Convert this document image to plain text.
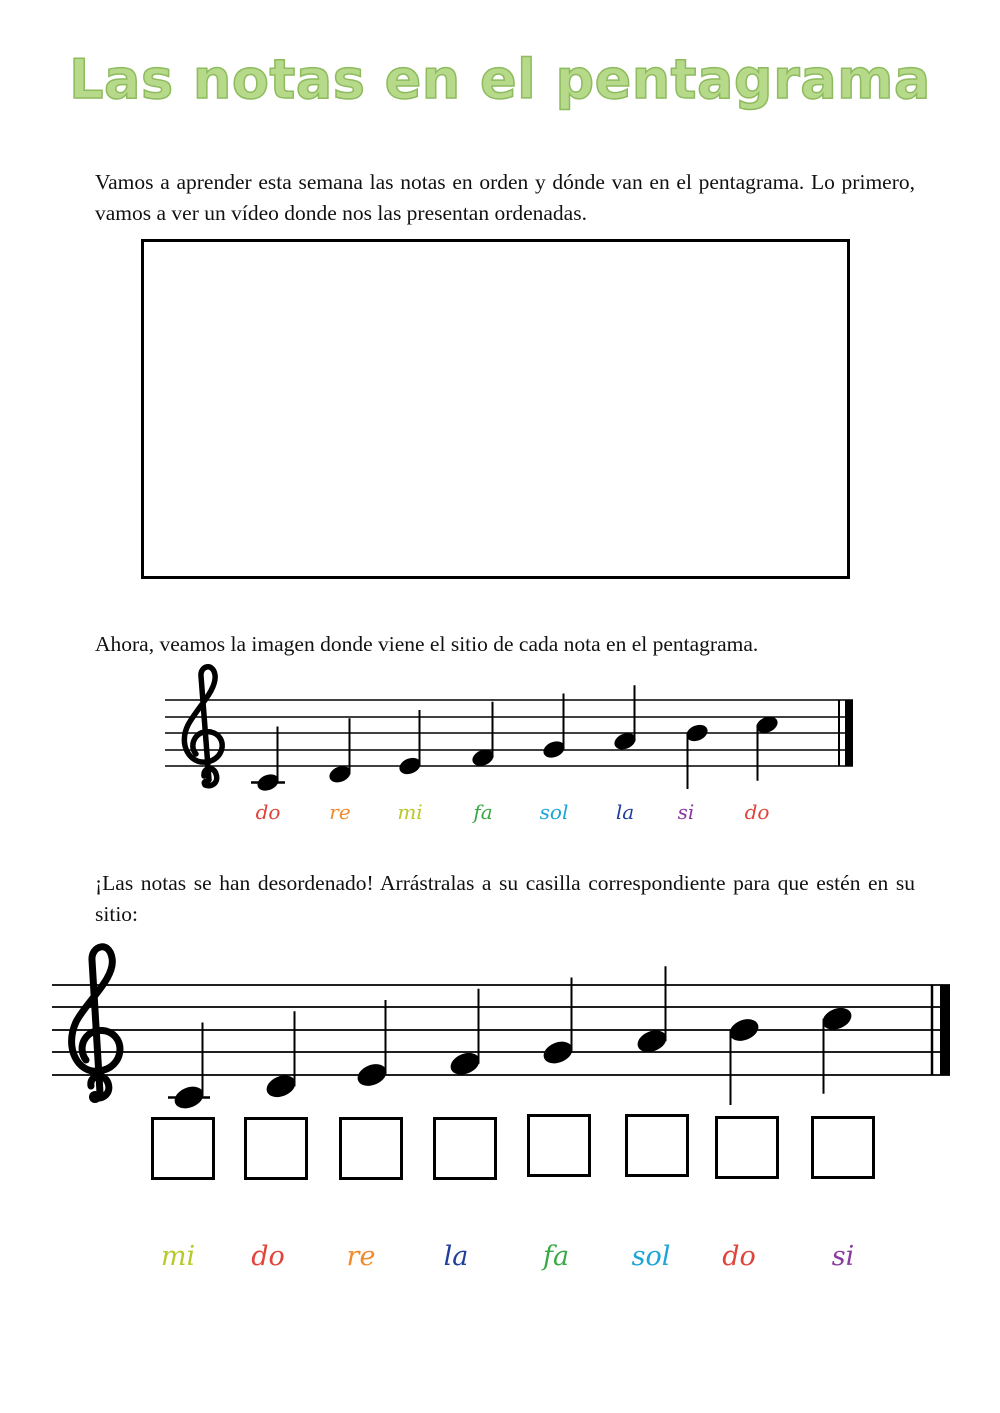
Las notas en el pentagrama
Vamos a aprender esta semana las notas en orden y dónde van en el pentagrama. Lo primero, vamos a ver un vídeo donde nos las presentan ordenadas.
Ahora, veamos la imagen donde viene el sitio de cada nota en el pentagrama.
do	re	mi	fa	sol	la	si	do
¡Las notas se han desordenado! Arrástralas a su casilla correspondiente para que estén en su sitio:
mi	do	re	la	fa	sol	do	si
